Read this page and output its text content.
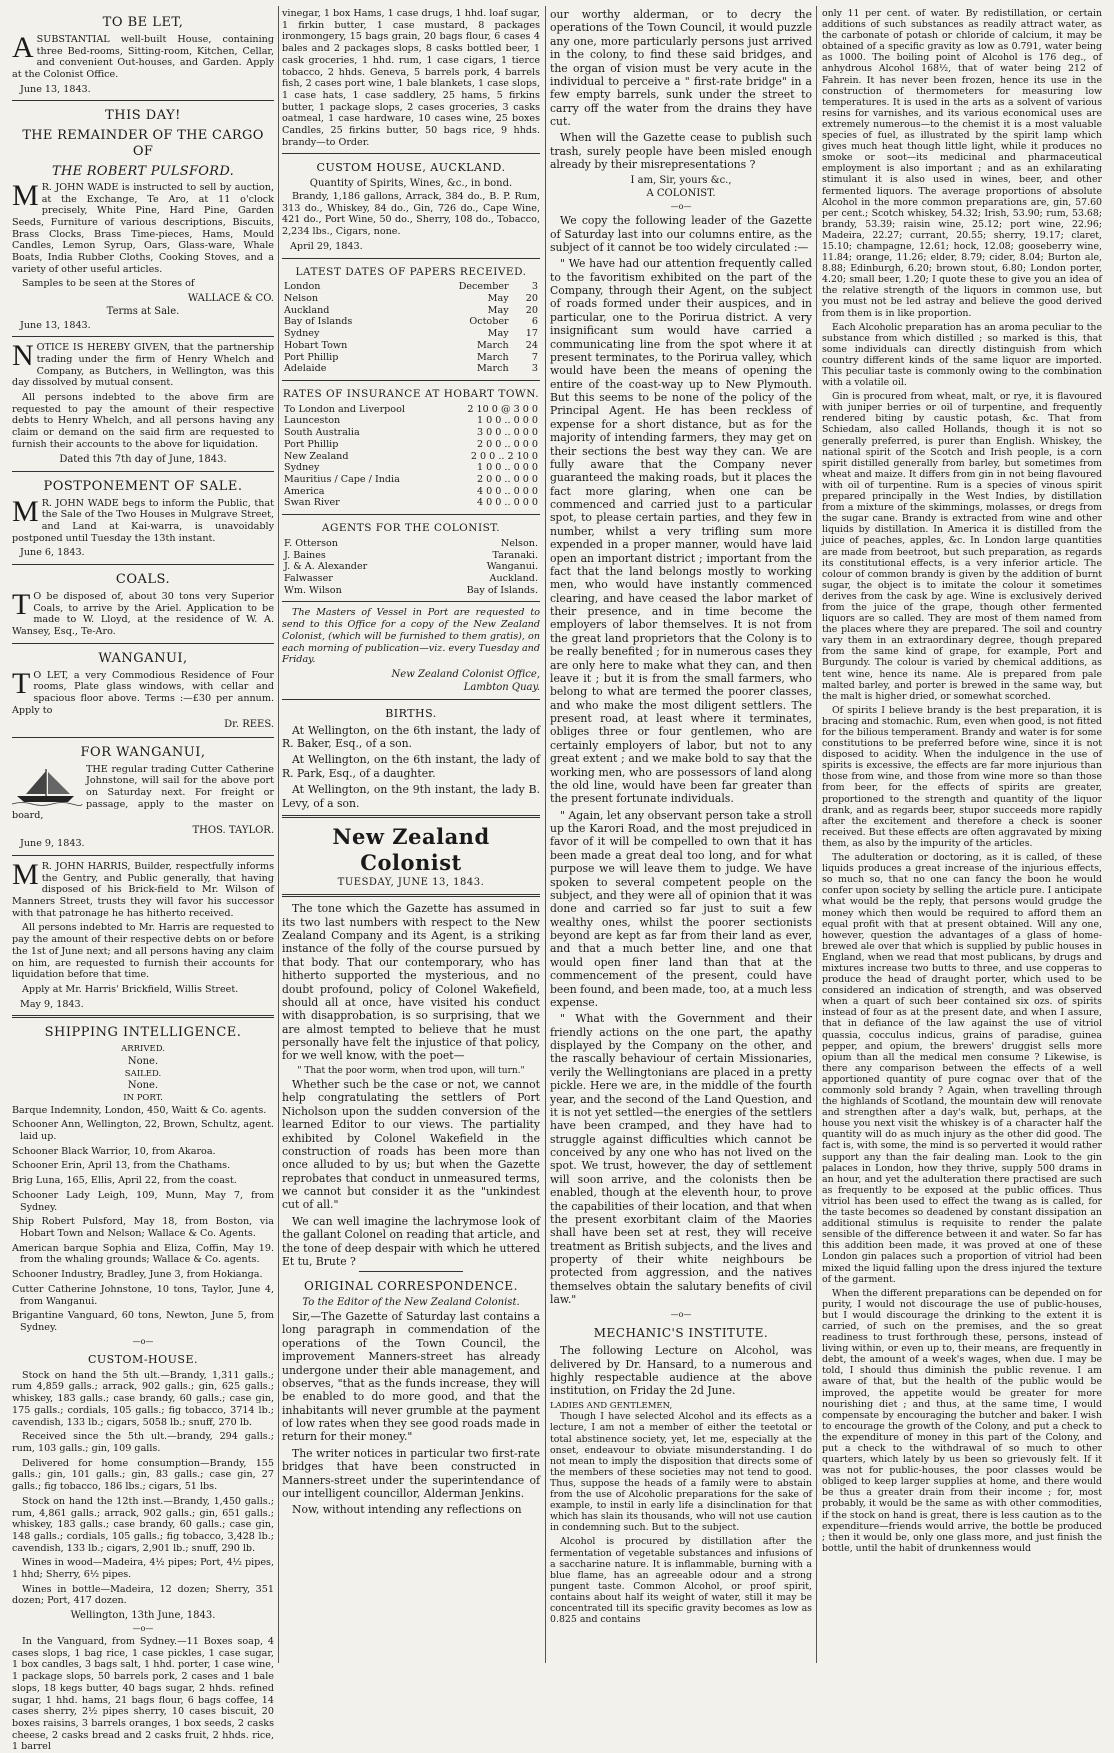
TO BE LET,
A SUBSTANTIAL well-built House, containing three Bed-rooms, Sitting-room, Kitchen, Cellar, and convenient Out-houses, and Garden. Apply at the Colonist Office.

June 13, 1843.
THIS DAY!
THE REMAINDER OF THE CARGO OF
THE ROBERT PULSFORD.
M R. JOHN WADE is instructed to sell by auction, at the Exchange, Te Aro, at 11 o'clock precisely, White Pine, Hard Pine, Garden Seeds, Furniture of various descriptions, Biscuits, Brass Clocks, Brass Time-pieces, Hams, Mould Candles, Lemon Syrup, Oars, Glass-ware, Whale Boats, India Rubber Cloths, Cooking Stoves, and a variety of other useful articles.

Samples to be seen at the Stores of

WALLACE & CO.
Terms at Sale.
June 13, 1843.
N OTICE IS HEREBY GIVEN, that the partnership trading under the firm of Henry Whelch and Company, as Butchers, in Wellington, was this day dissolved by mutual consent.

All persons indebted to the above firm are requested to pay the amount of their respective debts to Henry Whelch, and all persons having any claim or demand on the said firm are requested to furnish their accounts to the above for liquidation.

Dated this 7th day of June, 1843.
POSTPONEMENT OF SALE.
M R. JOHN WADE begs to inform the Public, that the Sale of the Two Houses in Mulgrave Street, and Land at Kai-warra, is unavoidably postponed until Tuesday the 13th instant.

June 6, 1843.
COALS.
T O be disposed of, about 30 tons very Superior Coals, to arrive by the Ariel. Application to be made to W. Lloyd, at the residence of W. A. Wansey, Esq., Te-Aro.

WANGANUI,
T O LET, a very Commodious Residence of Four rooms, Plate glass windows, with cellar and spacious floor above. Terms :—£30 per annum. Apply to

Dr. REES.
FOR WANGANUI,

THE regular trading Cutter Catherine Johnstone, will sail for the above port on Saturday next. For freight or passage, apply to the master on board,

THOS. TAYLOR.
June 9, 1843.
M R. JOHN HARRIS, Builder, respectfully informs the Gentry, and Public generally, that having disposed of his Brick-field to Mr. Wilson of Manners Street, trusts they will favor his successor with that patronage he has hitherto received.

All persons indebted to Mr. Harris are requested to pay the amount of their respective debts on or before the 1st of June next; and all persons having any claim on him, are requested to furnish their accounts for liquidation before that time.

Apply at Mr. Harris' Brickfield, Willis Street.

May 9, 1843.
SHIPPING INTELLIGENCE.
ARRIVED.
None.
SAILED.
None.
IN PORT.

Barque Indemnity, London, 450, Waitt & Co. agents.

Schooner Ann, Wellington, 22, Brown, Schultz, agent. laid up.

Schooner Black Warrior, 10, from Akaroa.

Schooner Erin, April 13, from the Chathams.

Brig Luna, 165, Ellis, April 22, from the coast.

Schooner Lady Leigh, 109, Munn, May 7, from Sydney.

Ship Robert Pulsford, May 18, from Boston, via Hobart Town and Nelson; Wallace & Co. Agents.

American barque Sophia and Eliza, Coffin, May 19. from the whaling grounds; Wallace & Co. agents.

Schooner Industry, Bradley, June 3, from Hokianga.

Cutter Catherine Johnstone, 10 tons, Taylor, June 4, from Wanganui.

Brigantine Vanguard, 60 tons, Newton, June 5, from Sydney.

—o—
CUSTOM-HOUSE.

Stock on hand the 5th ult.—Brandy, 1,311 galls.; rum 4,859 galls.; arrack, 902 galls.; gin, 625 galls.; whiskey, 183 galls.; case brandy, 60 galls.; case gin, 175 galls.; cordials, 105 galls.; fig tobacco, 3714 lb.; cavendish, 133 lb.; cigars, 5058 lb.; snuff, 270 lb.

Received since the 5th ult.—brandy, 294 galls.; rum, 103 galls.; gin, 109 galls.

Delivered for home consumption—Brandy, 155 galls.; gin, 101 galls.; gin, 83 galls.; case gin, 27 galls.; fig tobacco, 186 lbs.; cigars, 51 lbs.

Stock on hand the 12th inst.—Brandy, 1,450 galls.; rum, 4,861 galls.; arrack, 902 galls.; gin, 651 galls.; whiskey, 183 galls.; case brandy, 60 galls.; case gin, 148 galls.; cordials, 105 galls.; fig tobacco, 3,428 lb.; cavendish, 133 lb.; cigars, 2,901 lb.; snuff, 290 lb.

Wines in wood—Madeira, 4½ pipes; Port, 4½ pipes, 1 hhd; Sherry, 6½ pipes.

Wines in bottle—Madeira, 12 dozen; Sherry, 351 dozen; Port, 417 dozen.

Wellington, 13th June, 1843.
—o—

In the Vanguard, from Sydney.—11 Boxes soap, 4 cases slops, 1 bag rice, 1 case pickles, 1 case sugar, 1 box candles, 3 bags salt, 1 hhd. porter, 1 case wine, 1 package slops, 50 barrels pork, 2 cases and 1 bale slops, 18 kegs butter, 40 bags sugar, 2 hhds. refined sugar, 1 hhd. hams, 21 bags flour, 6 bags coffee, 14 cases sherry, 2½ pipes sherry, 10 cases biscuit, 20 boxes raisins, 3 barrels oranges, 1 box seeds, 2 casks cheese, 2 casks bread and 2 casks fruit, 2 hhds. rice, 1 barrel

vinegar, 1 box Hams, 1 case drugs, 1 hhd. loaf sugar, 1 firkin butter, 1 case mustard, 8 packages ironmongery, 15 bags grain, 20 bags flour, 6 cases 4 bales and 2 packages slops, 8 casks bottled beer, 1 cask groceries, 1 hhd. rum, 1 case cigars, 1 tierce tobacco, 2 hhds. Geneva, 5 barrels pork, 4 barrels fish, 2 cases port wine, 1 bale blankets, 1 case slops, 1 case hats, 1 case saddlery, 25 hams, 5 firkins butter, 1 package slops, 2 cases groceries, 3 casks oatmeal, 1 case hardware, 10 cases wine, 25 boxes Candles, 25 firkins butter, 50 bags rice, 9 hhds. brandy—to Order.

CUSTOM HOUSE, AUCKLAND.
Quantity of Spirits, Wines, &c., in bond.

Brandy, 1,186 gallons, Arrack, 384 do., B. P. Rum, 313 do., Whiskey, 84 do., Gin, 726 do., Cape Wine, 421 do., Port Wine, 50 do., Sherry, 108 do., Tobacco, 2,234 lbs., Cigars, none.

April 29, 1843.
LATEST DATES OF PAPERS RECEIVED.
London	December	3
Nelson	May	20
Auckland	May	20
Bay of Islands	October	6
Sydney	May	17
Hobart Town	March	24
Port Phillip	March	7
Adelaide	March	3
RATES OF INSURANCE AT HOBART TOWN.
To London and Liverpool	2 10 0 @ 3 0 0
Launceston	1 0 0 .. 0 0 0
South Australia	3 0 0 .. 0 0 0
Port Phillip	2 0 0 .. 0 0 0
New Zealand	2 0 0 .. 2 10 0
Sydney	1 0 0 .. 0 0 0
Mauritius / Cape / India	2 0 0 .. 0 0 0
America	4 0 0 .. 0 0 0
Swan River	4 0 0 .. 0 0 0
AGENTS FOR THE COLONIST.
F. Otterson	Nelson.
J. Baines	Taranaki.
J. & A. Alexander	Wanganui.
Falwasser	Auckland.
Wm. Wilson	Bay of Islands.

The Masters of Vessel in Port are requested to send to this Office for a copy of the New Zealand Colonist, (which will be furnished to them gratis), on each morning of publication—viz. every Tuesday and Friday.

New Zealand Colonist Office,
Lambton Quay.
BIRTHS.

At Wellington, on the 6th instant, the lady of R. Baker, Esq., of a son.

At Wellington, on the 6th instant, the lady of R. Park, Esq., of a daughter.

At Wellington, on the 9th instant, the lady B. Levy, of a son.

New Zealand Colonist
TUESDAY, JUNE 13, 1843.

The tone which the Gazette has assumed in its two last numbers with respect to the New Zealand Company and its Agent, is a striking instance of the folly of the course pursued by that body. That our contemporary, who has hitherto supported the mysterious, and no doubt profound, policy of Colonel Wakefield, should all at once, have visited his conduct with disapprobation, is so surprising, that we are almost tempted to believe that he must personally have felt the injustice of that policy, for we well know, with the poet—

" That the poor worm, when trod upon, will turn."

Whether such be the case or not, we cannot help congratulating the settlers of Port Nicholson upon the sudden conversion of the learned Editor to our views. The partiality exhibited by Colonel Wakefield in the construction of roads has been more than once alluded to by us; but when the Gazette reprobates that conduct in unmeasured terms, we cannot but consider it as the "unkindest cut of all."

We can well imagine the lachrymose look of the gallant Colonel on reading that article, and the tone of deep despair with which he uttered Et tu, Brute ?

ORIGINAL CORRESPONDENCE.
To the Editor of the New Zealand Colonist.

Sir,—The Gazette of Saturday last contains a long paragraph in commendation of the operations of the Town Council, the improvement Manners-street has already undergone under their able management, and observes, "that as the funds increase, they will be enabled to do more good, and that the inhabitants will never grumble at the payment of low rates when they see good roads made in return for their money."

The writer notices in particular two first-rate bridges that have been constructed in Manners-street under the superintendance of our intelligent councillor, Alderman Jenkins.

Now, without intending any reflections on

our worthy alderman, or to decry the operations of the Town Council, it would puzzle any one, more particularly persons just arrived in the colony, to find these said bridges, and the organ of vision must be very acute in the individual to perceive a " first-rate bridge" in a few empty barrels, sunk under the street to carry off the water from the drains they have cut.

When will the Gazette cease to publish such trash, surely people have been misled enough already by their misrepresentations ?

I am, Sir, yours &c.,
A COLONIST.
—o—

We copy the following leader of the Gazette of Saturday last into our columns entire, as the subject of it cannot be too widely circulated :—

" We have had our attention frequently called to the favoritism exhibited on the part of the Company, through their Agent, on the subject of roads formed under their auspices, and in particular, one to the Porirua district. A very insignificant sum would have carried a communicating line from the spot where it at present terminates, to the Porirua valley, which would have been the means of opening the entire of the coast-way up to New Plymouth. But this seems to be none of the policy of the Principal Agent. He has been reckless of expense for a short distance, but as for the majority of intending farmers, they may get on their sections the best way they can. We are fully aware that the Company never guaranteed the making roads, but it places the fact more glaring, when one can be commenced and carried just to a particular spot, to please certain parties, and they few in number, whilst a very trifling sum more expended in a proper manner, would have laid open an important district ; important from the fact that the land belongs mostly to working men, who would have instantly commenced clearing, and have ceased the labor market of their presence, and in time become the employers of labor themselves. It is not from the great land proprietors that the Colony is to be really benefited ; for in numerous cases they are only here to make what they can, and then leave it ; but it is from the small farmers, who belong to what are termed the poorer classes, and who make the most diligent settlers. The present road, at least where it terminates, obliges three or four gentlemen, who are certainly employers of labor, but not to any great extent ; and we make bold to say that the working men, who are possessors of land along the old line, would have been far greater than the present fortunate individuals.

" Again, let any observant person take a stroll up the Karori Road, and the most prejudiced in favor of it will be compelled to own that it has been made a great deal too long, and for what purpose we will leave them to judge. We have spoken to several competent people on the subject, and they were all of opinion that it was done and carried so far just to suit a few wealthy ones, whilst the poorer sectionists beyond are kept as far from their land as ever, and that a much better line, and one that would open finer land than that at the commencement of the present, could have been found, and been made, too, at a much less expense.

" What with the Government and their friendly actions on the one part, the apathy displayed by the Company on the other, and the rascally behaviour of certain Missionaries, verily the Wellingtonians are placed in a pretty pickle. Here we are, in the middle of the fourth year, and the second of the Land Question, and it is not yet settled—the energies of the settlers have been cramped, and they have had to struggle against difficulties which cannot be conceived by any one who has not lived on the spot. We trust, however, the day of settlement will soon arrive, and the colonists then be enabled, though at the eleventh hour, to prove the capabilities of their location, and that when the present exorbitant claim of the Maories shall have been set at rest, they will receive treatment as British subjects, and the lives and property of their white neighbours be protected from aggression, and the natives themselves obtain the salutary benefits of civil law."

—o—
MECHANIC'S INSTITUTE.

The following Lecture on Alcohol, was delivered by Dr. Hansard, to a numerous and highly respectable audience at the above institution, on Friday the 2d June.

LADIES AND GENTLEMEN,

Though I have selected Alcohol and its effects as a lecture, I am not a member of either the teetotal or total abstinence society, yet, let me, especially at the onset, endeavour to obviate misunderstanding. I do not mean to imply the disposition that directs some of the members of these societies may not tend to good. Thus, suppose the heads of a family were to abstain from the use of Alcoholic preparations for the sake of example, to instil in early life a disinclination for that which has slain its thousands, who will not use caution in condemning such. But to the subject.

Alcohol is procured by distillation after the fermentation of vegetable substances and infusions of a saccharine nature. It is inflammable, burning with a blue flame, has an agreeable odour and a strong pungent taste. Common Alcohol, or proof spirit, contains about half its weight of water, still it may be concentrated till its specific gravity becomes as low as 0.825 and contains

only 11 per cent. of water. By redistillation, or certain additions of such substances as readily attract water, as the carbonate of potash or chloride of calcium, it may be obtained of a specific gravity as low as 0.791, water being as 1000. The boiling point of Alcohol is 176 deg., of anhydrous Alcohol 168½, that of water being 212 of Fahrein. It has never been frozen, hence its use in the construction of thermometers for measuring low temperatures. It is used in the arts as a solvent of various resins for varnishes, and its various economical uses are extremely numerous—to the chemist it is a most valuable species of fuel, as illustrated by the spirit lamp which gives much heat though little light, while it produces no smoke or soot—its medicinal and pharmaceutical employment is also important ; and as an exhilarating stimulant it is also used in wines, beer, and other fermented liquors. The average proportions of absolute Alcohol in the more common preparations are, gin, 57.60 per cent.; Scotch whiskey, 54.32; Irish, 53.90; rum, 53.68; brandy, 53.39; raisin wine, 25.12; port wine, 22.96; Madeira, 22.27; currant, 20.55; sherry, 19.17; claret, 15.10; champagne, 12.61; hock, 12.08; gooseberry wine, 11.84; orange, 11.26; elder, 8.79; cider, 8.04; Burton ale, 8.88; Edinburgh, 6.20; brown stout, 6.80; London porter, 4.20; small beer, 1.20; I quote these to give you an idea of the relative strength of the liquors in common use, but you must not be led astray and believe the good derived from them is in like proportion.

Each Alcoholic preparation has an aroma peculiar to the substance from which distilled ; so marked is this, that some individuals can directly distinguish from which country different kinds of the same liquor are imported. This peculiar taste is commonly owing to the combination with a volatile oil.

Gin is procured from wheat, malt, or rye, it is flavoured with juniper berries or oil of turpentine, and frequently rendered biting by caustic potash, &c. That from Schiedam, also called Hollands, though it is not so generally preferred, is purer than English. Whiskey, the national spirit of the Scotch and Irish people, is a corn spirit distilled generally from barley, but sometimes from wheat and maize. It differs from gin in not being flavoured with oil of turpentine. Rum is a species of vinous spirit prepared principally in the West Indies, by distillation from a mixture of the skimmings, molasses, or dregs from the sugar cane. Brandy is extracted from wine and other liquids by distillation. In America it is distilled from the juice of peaches, apples, &c. In London large quantities are made from beetroot, but such preparation, as regards its constitutional effects, is a very inferior article. The colour of common brandy is given by the addition of burnt sugar, the object is to imitate the colour it sometimes derives from the cask by age. Wine is exclusively derived from the juice of the grape, though other fermented liquors are so called. They are most of them named from the places where they are prepared. The soil and country vary them in an extraordinary degree, though prepared from the same kind of grape, for example, Port and Burgundy. The colour is varied by chemical additions, as tent wine, hence its name. Ale is prepared from pale malted barley, and porter is brewed in the same way, but the malt is higher dried, or somewhat scorched.

Of spirits I believe brandy is the best preparation, it is bracing and stomachic. Rum, even when good, is not fitted for the bilious temperament. Brandy and water is for some constitutions to be preferred before wine, since it is not disposed to acidity. When the indulgence in the use of spirits is excessive, the effects are far more injurious than those from wine, and those from wine more so than those from beer, for the effects of spirits are greater, proportioned to the strength and quantity of the liquor drank, and as regards beer, stupor succeeds more rapidly after the excitement and therefore a check is sooner received. But these effects are often aggravated by mixing them, as also by the impurity of the articles.

The adulteration or doctoring, as it is called, of these liquids produces a great increase of the injurious effects, so much so, that no one can fancy the boon he would confer upon society by selling the article pure. I anticipate what would be the reply, that persons would grudge the money which then would be required to afford them an equal profit with that at present obtained. Will any one, however, question the advantages of a glass of home-brewed ale over that which is supplied by public houses in England, when we read that most publicans, by drugs and mixtures increase two butts to three, and use copperas to produce the head of draught porter, which used to be considered an indication of strength, and was observed when a quart of such beer contained six ozs. of spirits instead of four as at the present date, and when I assure, that in defiance of the law against the use of vitriol quassia, cocculus indicus, grains of paradise, guinea pepper, and opium, the brewers' druggist sells more opium than all the medical men consume ? Likewise, is there any comparison between the effects of a well apportioned quantity of pure cognac over that of the commonly sold brandy ? Again, when travelling through the highlands of Scotland, the mountain dew will renovate and strengthen after a day's walk, but, perhaps, at the house you next visit the whiskey is of a character half the quantity will do as much injury as the other did good. The fact is, with some, the mind is so perverted it would rather support any than the fair dealing man. Look to the gin palaces in London, how they thrive, supply 500 drams in an hour, and yet the adulteration there practised are such as frequently to be exposed at the public offices. Thus vitriol has been used to effect the twang as is called, for the taste becomes so deadened by constant dissipation an additional stimulus is requisite to render the palate sensible of the difference between it and water. So far has this addition been made, it was proved at one of these London gin palaces such a proportion of vitriol had been mixed the liquid falling upon the dress injured the texture of the garment.

When the different preparations can be depended on for purity, I would not discourage the use of public-houses, but I would discourage the drinking to the extent it is carried, of such on the premises, and the so great readiness to trust forthrough these, persons, instead of living within, or even up to, their means, are frequently in debt, the amount of a week's wages, when due. I may be told, I should thus diminish the public revenue. I am aware of that, but the health of the public would be improved, the appetite would be greater for more nourishing diet ; and thus, at the same time, I would compensate by encouraging the butcher and baker. I wish to encourage the growth of the Colony, and put a check to the expenditure of money in this part of the Colony, and put a check to the withdrawal of so much to other quarters, which lately by us been so grievously felt. If it was not for public-houses, the poor classes would be obliged to keep larger supplies at home, and there would be thus a greater drain from their income ; for, most probably, it would be the same as with other commodities, if the stock on hand is great, there is less caution as to the expenditure—friends would arrive, the bottle be produced ; then it would be, only one glass more, and just finish the bottle, until the habit of drunkenness would
